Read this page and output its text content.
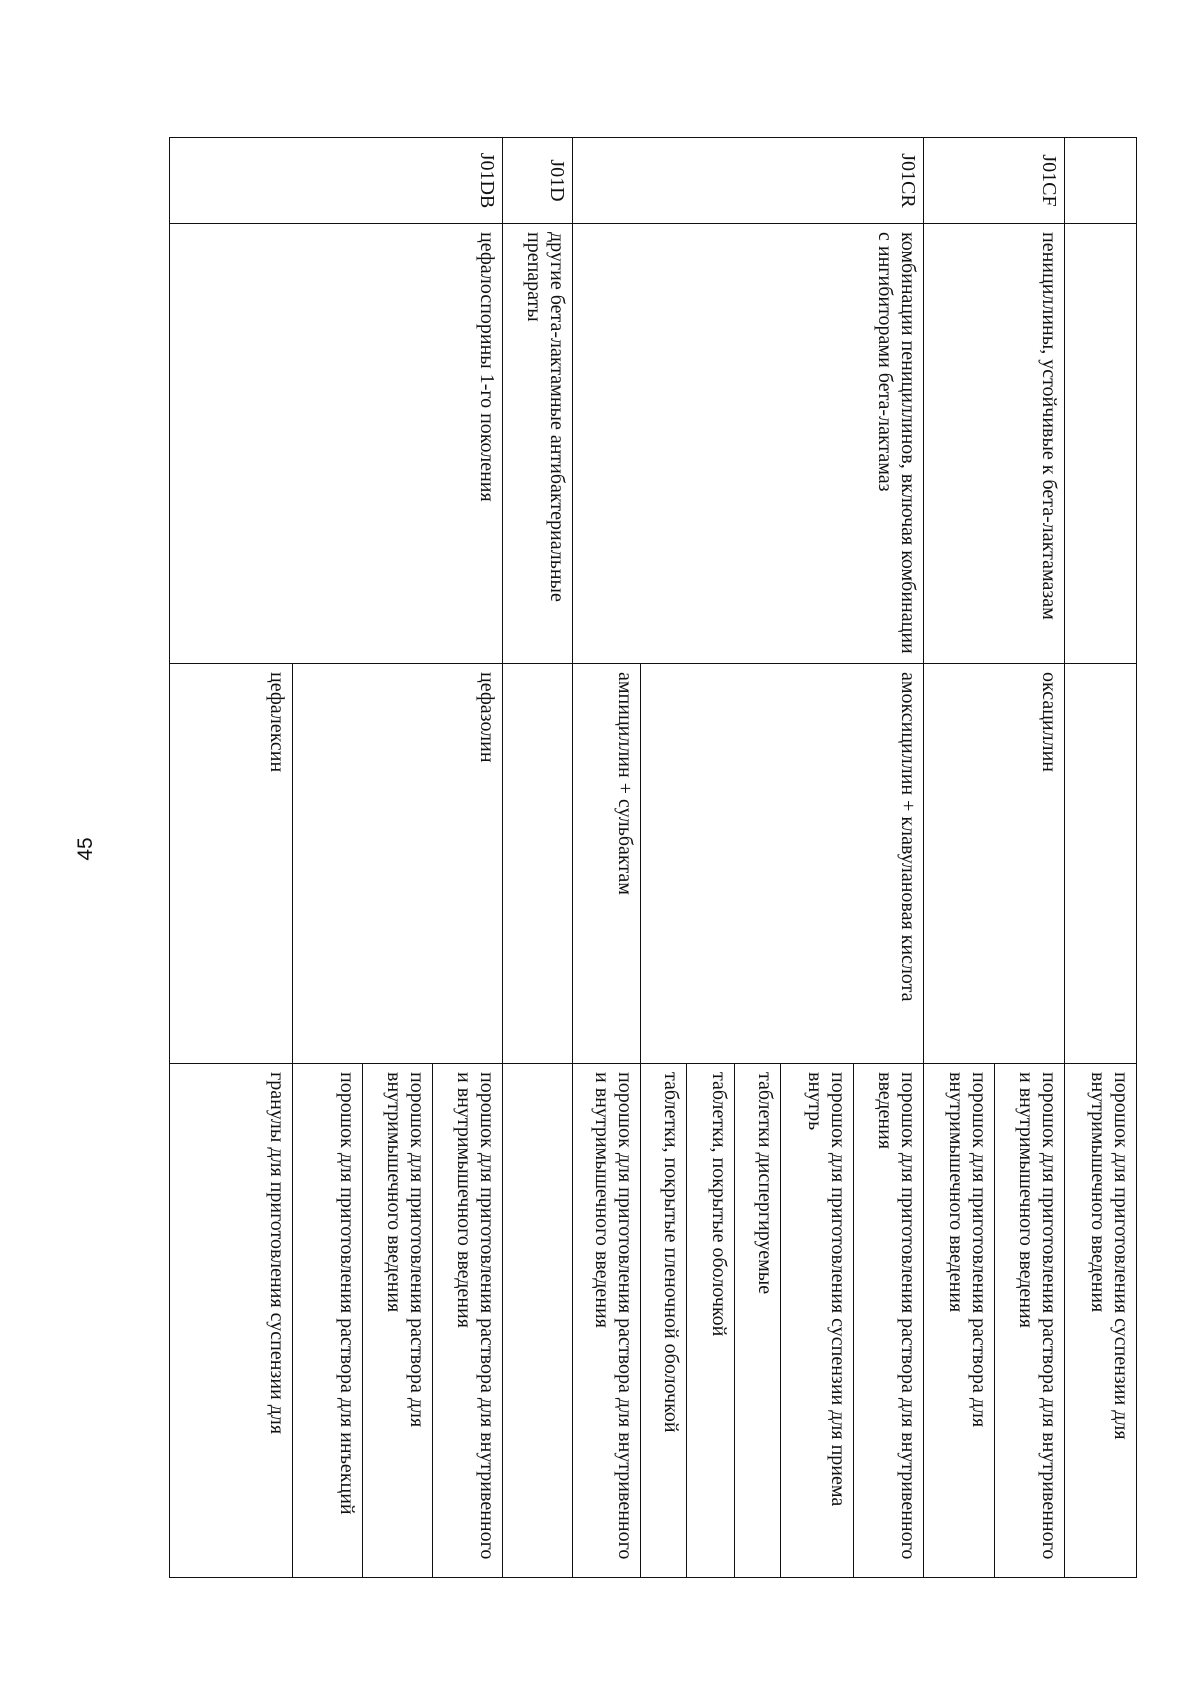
45
			порошок для приготовления суспензии для внутримышечного введения
J01CF	пенициллины, устойчивые к бета-лактамазам	оксациллин	порошок для приготовления раствора для внутривенного и внутримышечного введения
			порошок для приготовления раствора для внутримышечного введения
J01CR	комбинации пенициллинов, включая комбинации с ингибиторами бета-лактамаз	амоксициллин + клавулановая кислота	порошок для приготовления раствора для внутривенного введения
			порошок для приготовления суспензии для приема внутрь
			таблетки диспергируемые
			таблетки, покрытые оболочкой
			таблетки, покрытые пленочной оболочкой
		ампициллин + сульбактам	порошок для приготовления раствора для внутривенного и внутримышечного введения
J01D	другие бета-лактамные антибактериальные препараты		
J01DB	цефалоспорины 1-го поколения	цефазолин	порошок для приготовления раствора для внутривенного и внутримышечного введения
			порошок для приготовления раствора для внутримышечного введения
			порошок для приготовления раствора для инъекций
		цефалексин	гранулы для приготовления суспензии для
